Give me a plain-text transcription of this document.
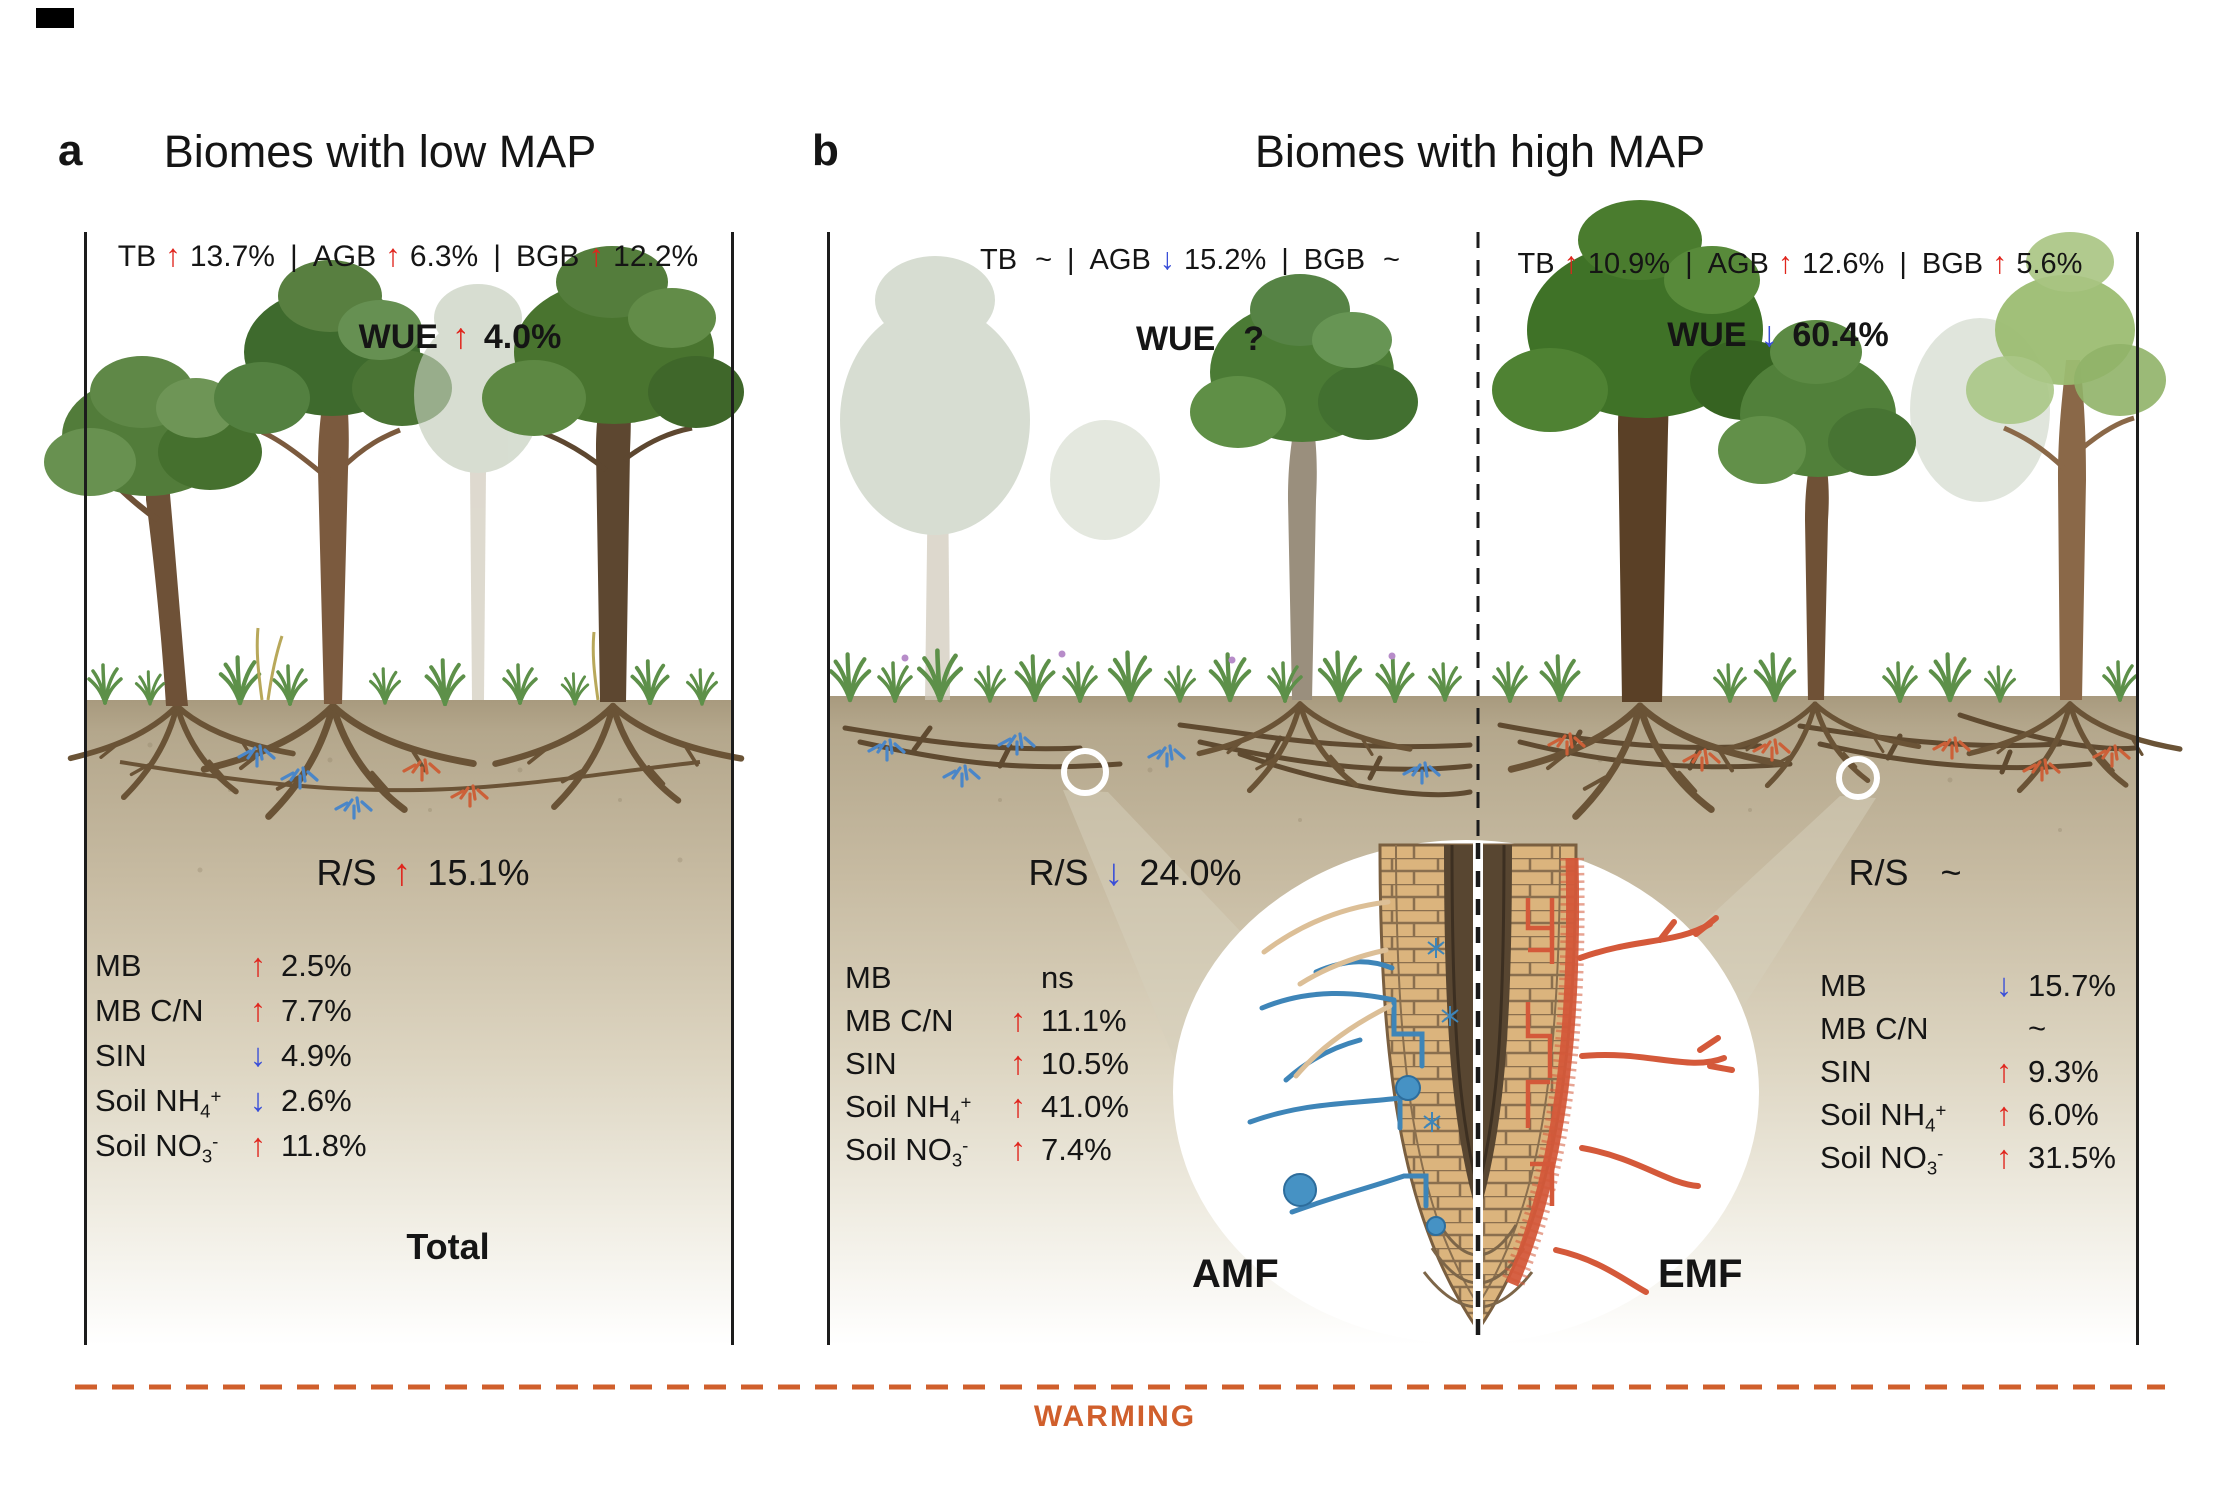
a	Biomes with low MAP	b	Biomes with high MAP
TB ↑ 13.7% | AGB ↑ 6.3% | BGB ↑ 12.2%
WUE ↑ 4.0%
R/S ↑ 15.1%
MB ↑	2.5%
MB C/N ↑	7.7%
SIN ↓	4.9%
Soil $NH_4^+$ ↓	2.6%
Soil $NO_3^-$ ↑	11.8%
Total
TB ~ | AGB ↓ 15.2% | BGB ~
WUE ?
R/S ↓ 24.0%
MB	ns
MB C/N ↑	11.1%
SIN ↑	10.5%
Soil $NH_4^+$ ↑	41.0%
Soil $NO_3^-$ ↑	7.4%
TB ↑ 10.9% | AGB ↑ 12.6% | BGB ↑ 5.6%
WUE ↓ 60.4%
R/S ~
MB ↓	15.7%
MB C/N	~
SIN ↑	9.3%
Soil $NH_4^+$ ↑	6.0%
Soil $NO_3^-$ ↑	31.5%
AMF	EMF
WARMING
